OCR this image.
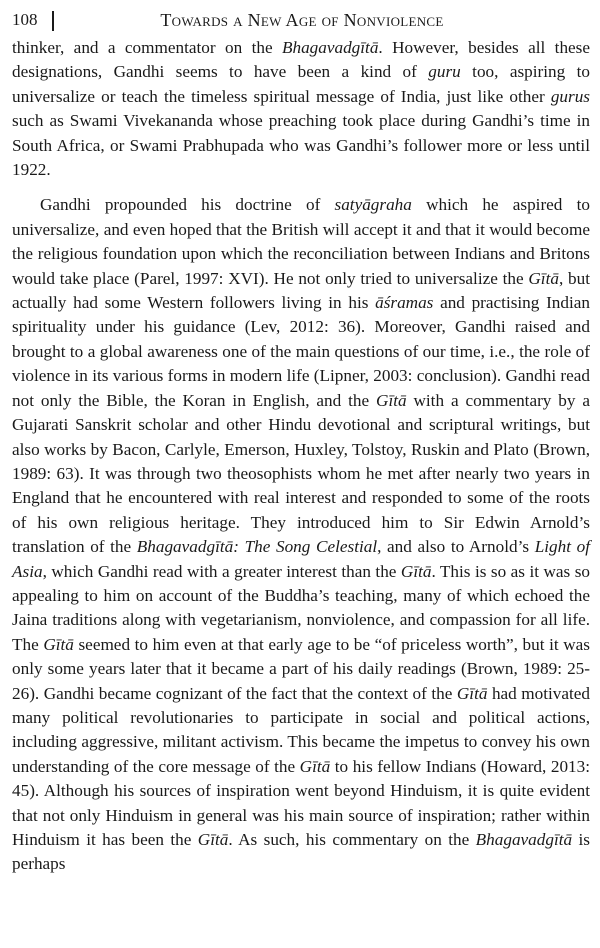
108	Towards a New Age of Nonviolence

thinker, and a commentator on the Bhagavadgītā. However, besides all these designations, Gandhi seems to have been a kind of guru too, aspiring to universalize or teach the timeless spiritual message of India, just like other gurus such as Swami Vivekananda whose preaching took place during Gandhi’s time in South Africa, or Swami Prabhupada who was Gandhi’s follower more or less until 1922.

Gandhi propounded his doctrine of satyāgraha which he aspired to universalize, and even hoped that the British will accept it and that it would become the religious foundation upon which the reconciliation between Indians and Britons would take place (Parel, 1997: XVI). He not only tried to universalize the Gītā, but actually had some Western followers living in his āśramas and practising Indian spirituality under his guidance (Lev, 2012: 36). Moreover, Gandhi raised and brought to a global awareness one of the main questions of our time, i.e., the role of violence in its various forms in modern life (Lipner, 2003: conclusion). Gandhi read not only the Bible, the Koran in English, and the Gītā with a commentary by a Gujarati Sanskrit scholar and other Hindu devotional and scriptural writings, but also works by Bacon, Carlyle, Emerson, Huxley, Tolstoy, Ruskin and Plato (Brown, 1989: 63). It was through two theosophists whom he met after nearly two years in England that he encountered with real interest and responded to some of the roots of his own religious heritage. They introduced him to Sir Edwin Arnold’s translation of the Bhagavadgītā: The Song Celestial, and also to Arnold’s Light of Asia, which Gandhi read with a greater interest than the Gītā. This is so as it was so appealing to him on account of the Buddha’s teaching, many of which echoed the Jaina traditions along with vegetarianism, nonviolence, and compassion for all life. The Gītā seemed to him even at that early age to be “of priceless worth”, but it was only some years later that it became a part of his daily readings (Brown, 1989: 25-26). Gandhi became cognizant of the fact that the context of the Gītā had motivated many political revolutionaries to participate in social and political actions, including aggressive, militant activism. This became the impetus to convey his own understanding of the core message of the Gītā to his fellow Indians (Howard, 2013: 45). Although his sources of inspiration went beyond Hinduism, it is quite evident that not only Hinduism in general was his main source of inspiration; rather within Hinduism it has been the Gītā. As such, his commentary on the Bhagavadgītā is perhaps
